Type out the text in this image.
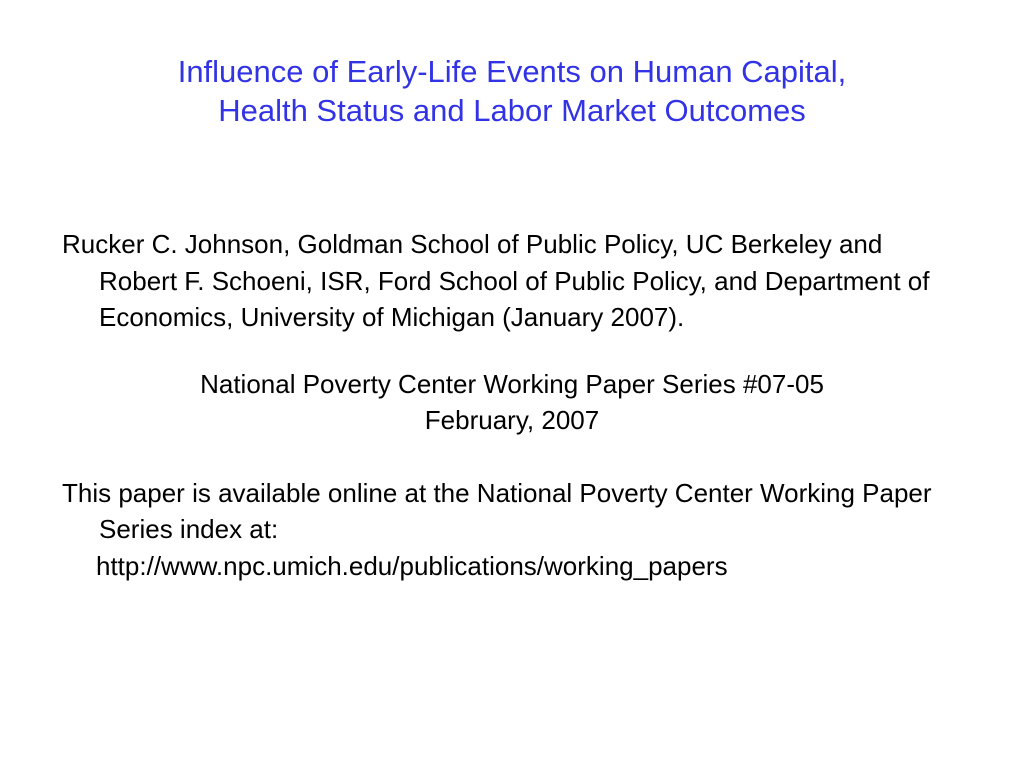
Influence of Early-Life Events on Human Capital,
Health Status and Labor Market Outcomes

Rucker C. Johnson, Goldman School of Public Policy, UC Berkeley and Robert F. Schoeni, ISR, Ford School of Public Policy, and Department of Economics, University of Michigan (January 2007).

National Poverty Center Working Paper Series #07-05

February, 2007

This paper is available online at the National Poverty Center Working Paper Series index at:

http://www.npc.umich.edu/publications/working_papers
